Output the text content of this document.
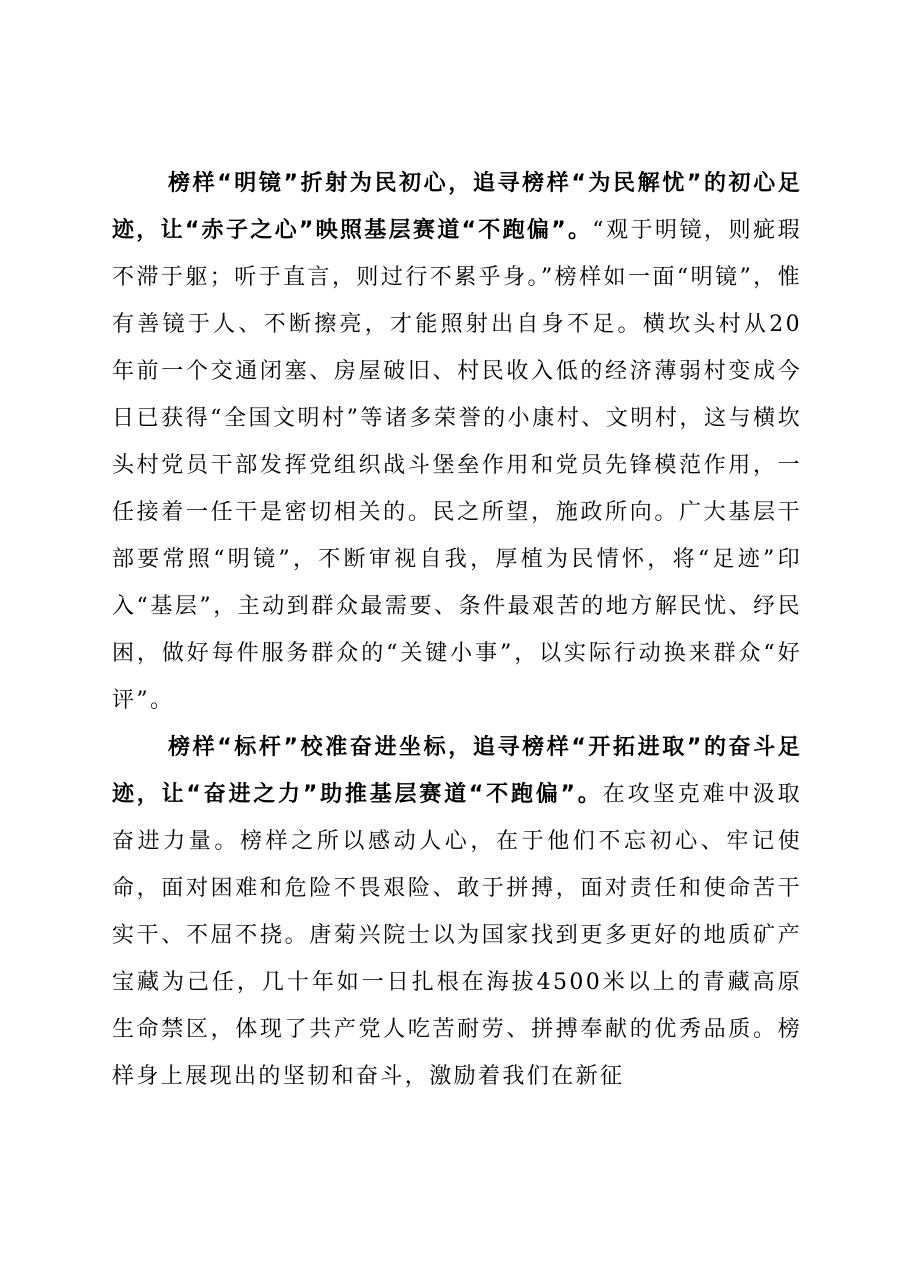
榜样“明镜”折射为民初心，追寻榜样“为民解忧”的初心足迹，让“赤子之心”映照基层赛道“不跑偏”。“观于明镜，则疵瑕不滞于躯；听于直言，则过行不累乎身。”榜样如一面“明镜”，惟有善镜于人、不断擦亮，才能照射出自身不足。横坎头村从20年前一个交通闭塞、房屋破旧、村民收入低的经济薄弱村变成今日已获得“全国文明村”等诸多荣誉的小康村、文明村，这与横坎头村党员干部发挥党组织战斗堡垒作用和党员先锋模范作用，一任接着一任干是密切相关的。民之所望，施政所向。广大基层干部要常照“明镜”，不断审视自我，厚植为民情怀，将“足迹”印入“基层”，主动到群众最需要、条件最艰苦的地方解民忧、纾民困，做好每件服务群众的“关键小事”，以实际行动换来群众“好评”。

榜样“标杆”校准奋进坐标，追寻榜样“开拓进取”的奋斗足迹，让“奋进之力”助推基层赛道“不跑偏”。在攻坚克难中汲取奋进力量。榜样之所以感动人心，在于他们不忘初心、牢记使命，面对困难和危险不畏艰险、敢于拼搏，面对责任和使命苦干实干、不屈不挠。唐菊兴院士以为国家找到更多更好的地质矿产宝藏为己任，几十年如一日扎根在海拔4500米以上的青藏高原生命禁区，体现了共产党人吃苦耐劳、拼搏奉献的优秀品质。榜样身上展现出的坚韧和奋斗，激励着我们在新征
